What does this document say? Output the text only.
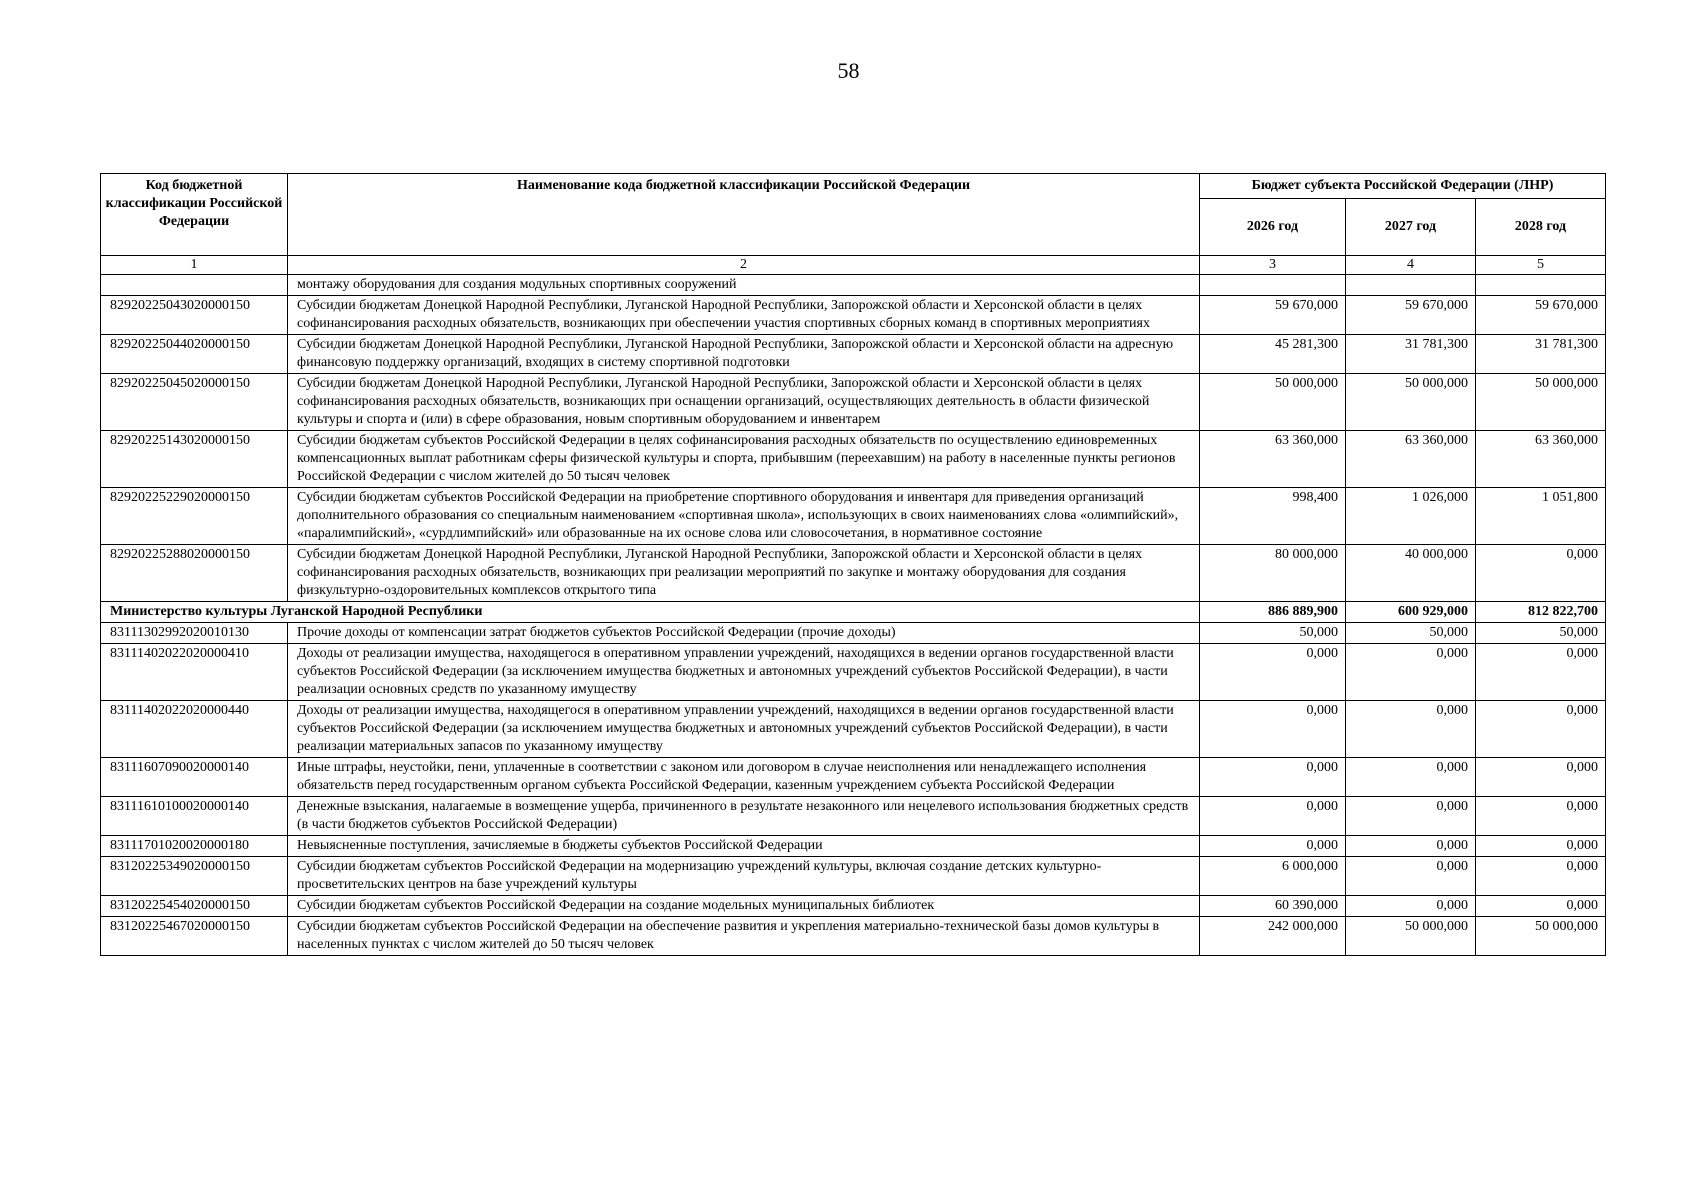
58
Код бюджетной классификации Российской Федерации	Наименование кода бюджетной классификации Российской Федерации	Бюджет субъекта Российской Федерации (ЛНР)		
		2026 год	2027 год	2028 год
1	2	3	4	5
	монтажу оборудования для создания модульных спортивных сооружений			
82920225043020000150	Субсидии бюджетам Донецкой Народной Республики, Луганской Народной Республики, Запорожской области и Херсонской области в целях софинансирования расходных обязательств, возникающих при обеспечении участия спортивных сборных команд в спортивных мероприятиях	59 670,000	59 670,000	59 670,000
82920225044020000150	Субсидии бюджетам Донецкой Народной Республики, Луганской Народной Республики, Запорожской области и Херсонской области на адресную финансовую поддержку организаций, входящих в систему спортивной подготовки	45 281,300	31 781,300	31 781,300
82920225045020000150	Субсидии бюджетам Донецкой Народной Республики, Луганской Народной Республики, Запорожской области и Херсонской области в целях софинансирования расходных обязательств, возникающих при оснащении организаций, осуществляющих деятельность в области физической культуры и спорта и (или) в сфере образования, новым спортивным оборудованием и инвентарем	50 000,000	50 000,000	50 000,000
82920225143020000150	Субсидии бюджетам субъектов Российской Федерации в целях софинансирования расходных обязательств по осуществлению единовременных компенсационных выплат работникам сферы физической культуры и спорта, прибывшим (переехавшим) на работу в населенные пункты регионов Российской Федерации с числом жителей до 50 тысяч человек	63 360,000	63 360,000	63 360,000
82920225229020000150	Субсидии бюджетам субъектов Российской Федерации на приобретение спортивного оборудования и инвентаря для приведения организаций дополнительного образования со специальным наименованием «спортивная школа», использующих в своих наименованиях слова «олимпийский», «паралимпийский», «сурдлимпийский» или образованные на их основе слова или словосочетания, в нормативное состояние	998,400	1 026,000	1 051,800
82920225288020000150	Субсидии бюджетам Донецкой Народной Республики, Луганской Народной Республики, Запорожской области и Херсонской области в целях софинансирования расходных обязательств, возникающих при реализации мероприятий по закупке и монтажу оборудования для создания физкультурно-оздоровительных комплексов открытого типа	80 000,000	40 000,000	0,000
Министерство культуры Луганской Народной Республики		886 889,900	600 929,000	812 822,700
83111302992020010130	Прочие доходы от компенсации затрат бюджетов субъектов Российской Федерации (прочие доходы)	50,000	50,000	50,000
83111402022020000410	Доходы от реализации имущества, находящегося в оперативном управлении учреждений, находящихся в ведении органов государственной власти субъектов Российской Федерации (за исключением имущества бюджетных и автономных учреждений субъектов Российской Федерации), в части реализации основных средств по указанному имуществу	0,000	0,000	0,000
83111402022020000440	Доходы от реализации имущества, находящегося в оперативном управлении учреждений, находящихся в ведении органов государственной власти субъектов Российской Федерации (за исключением имущества бюджетных и автономных учреждений субъектов Российской Федерации), в части реализации материальных запасов по указанному имуществу	0,000	0,000	0,000
83111607090020000140	Иные штрафы, неустойки, пени, уплаченные в соответствии с законом или договором в случае неисполнения или ненадлежащего исполнения обязательств перед государственным органом субъекта Российской Федерации, казенным учреждением субъекта Российской Федерации	0,000	0,000	0,000
83111610100020000140	Денежные взыскания, налагаемые в возмещение ущерба, причиненного в результате незаконного или нецелевого использования бюджетных средств (в части бюджетов субъектов Российской Федерации)	0,000	0,000	0,000
83111701020020000180	Невыясненные поступления, зачисляемые в бюджеты субъектов Российской Федерации	0,000	0,000	0,000
83120225349020000150	Субсидии бюджетам субъектов Российской Федерации на модернизацию учреждений культуры, включая создание детских культурно-просветительских центров на базе учреждений культуры	6 000,000	0,000	0,000
83120225454020000150	Субсидии бюджетам субъектов Российской Федерации на создание модельных муниципальных библиотек	60 390,000	0,000	0,000
83120225467020000150	Субсидии бюджетам субъектов Российской Федерации на обеспечение развития и укрепления материально-технической базы домов культуры в населенных пунктах с числом жителей до 50 тысяч человек	242 000,000	50 000,000	50 000,000
